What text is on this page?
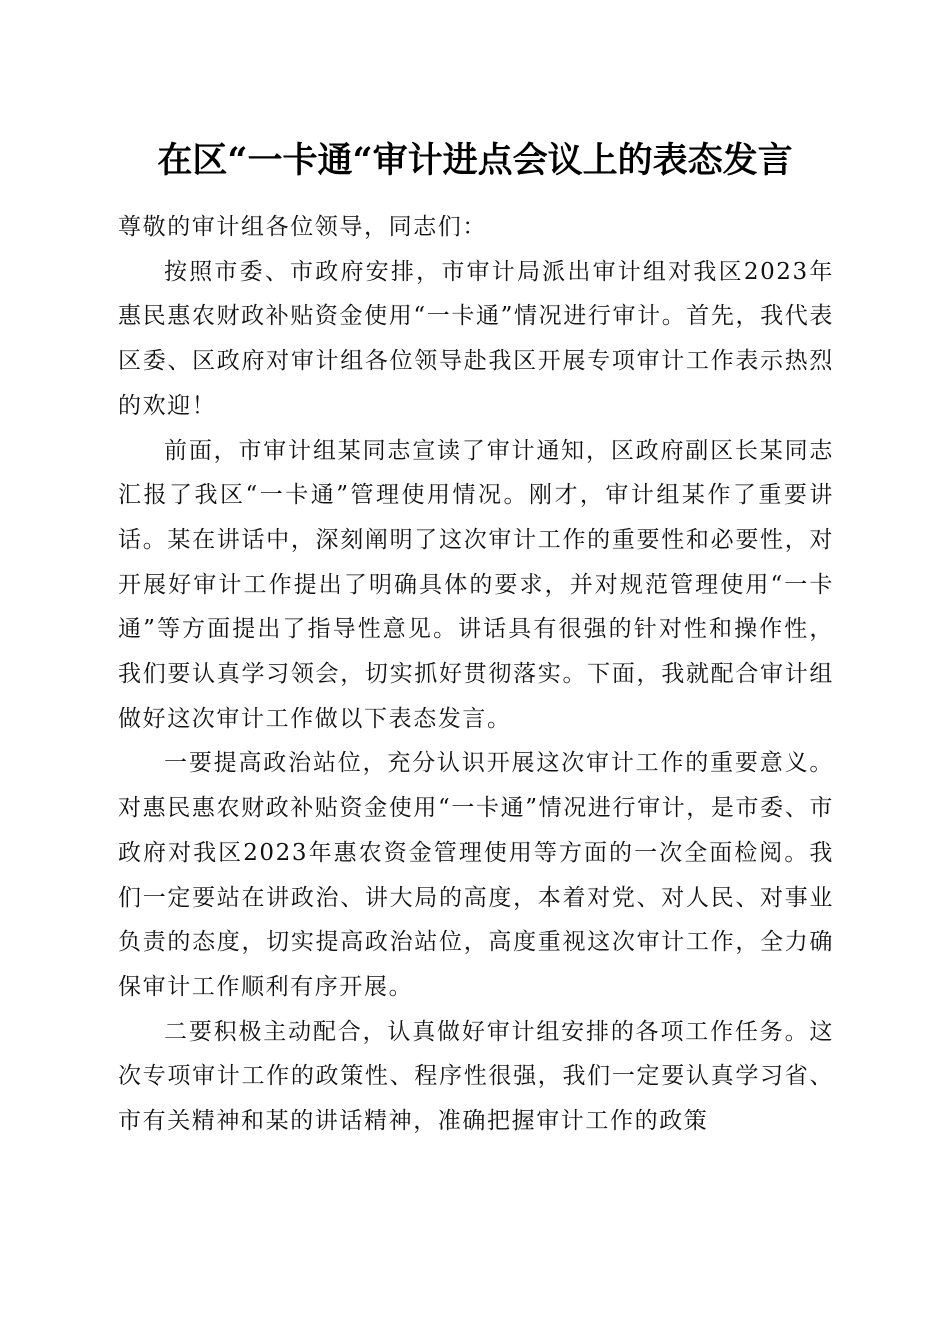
在区“一卡通“审计进点会议上的表态发言

尊敬的审计组各位领导，同志们：

按照市委、市政府安排，市审计局派出审计组对我区2023年惠民惠农财政补贴资金使用“一卡通”情况进行审计。首先，我代表区委、区政府对审计组各位领导赴我区开展专项审计工作表示热烈的欢迎！

前面，市审计组某同志宣读了审计通知，区政府副区长某同志汇报了我区“一卡通”管理使用情况。刚才，审计组某作了重要讲话。某在讲话中，深刻阐明了这次审计工作的重要性和必要性，对开展好审计工作提出了明确具体的要求，并对规范管理使用“一卡通”等方面提出了指导性意见。讲话具有很强的针对性和操作性，我们要认真学习领会，切实抓好贯彻落实。下面，我就配合审计组做好这次审计工作做以下表态发言。

一要提高政治站位，充分认识开展这次审计工作的重要意义。对惠民惠农财政补贴资金使用“一卡通”情况进行审计，是市委、市政府对我区2023年惠农资金管理使用等方面的一次全面检阅。我们一定要站在讲政治、讲大局的高度，本着对党、对人民、对事业负责的态度，切实提高政治站位，高度重视这次审计工作，全力确保审计工作顺利有序开展。

二要积极主动配合，认真做好审计组安排的各项工作任务。这次专项审计工作的政策性、程序性很强，我们一定要认真学习省、市有关精神和某的讲话精神，准确把握审计工作的政策
